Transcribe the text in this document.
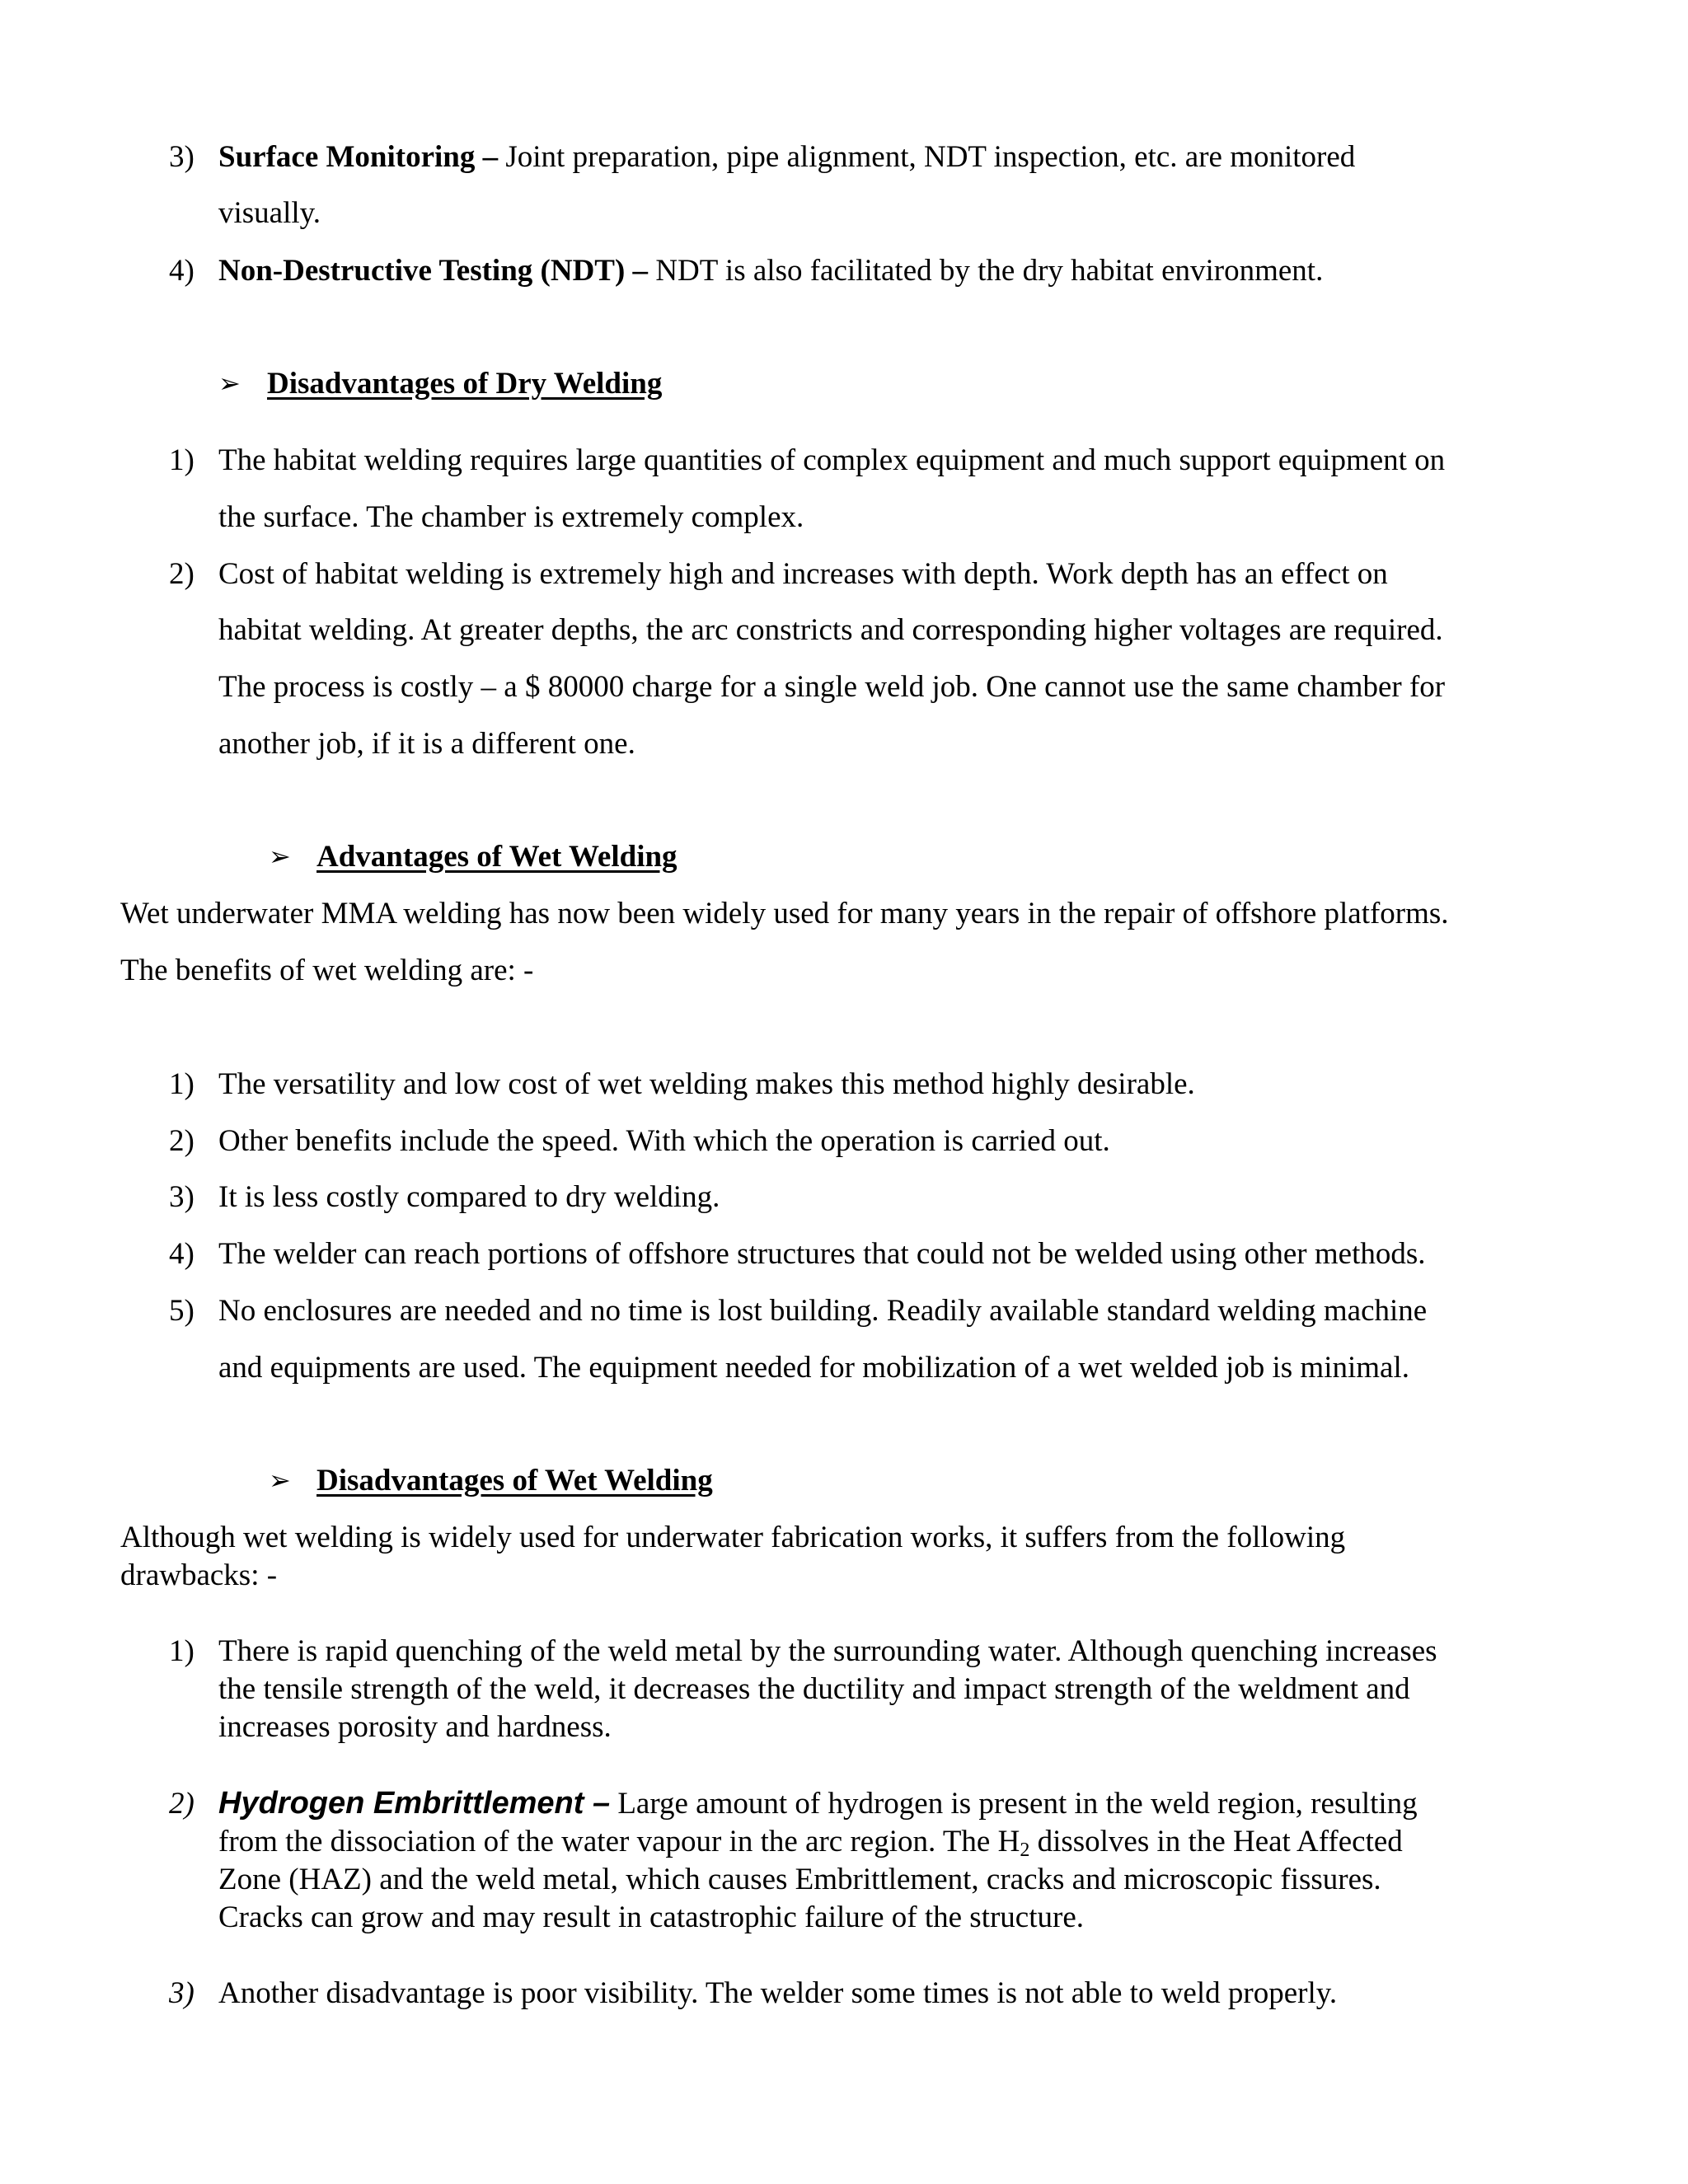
3) Surface Monitoring – Joint preparation, pipe alignment, NDT inspection, etc. are monitored
visually.
4) Non-Destructive Testing (NDT) – NDT is also facilitated by the dry habitat environment.
➢ Disadvantages of Dry Welding
1) The habitat welding requires large quantities of complex equipment and much support equipment on
the surface. The chamber is extremely complex.
2) Cost of habitat welding is extremely high and increases with depth. Work depth has an effect on
habitat welding. At greater depths, the arc constricts and corresponding higher voltages are required.
The process is costly – a $ 80000 charge for a single weld job. One cannot use the same chamber for
another job, if it is a different one.
➢ Advantages of Wet Welding
Wet underwater MMA welding has now been widely used for many years in the repair of offshore platforms.
The benefits of wet welding are: -
1) The versatility and low cost of wet welding makes this method highly desirable.
2) Other benefits include the speed. With which the operation is carried out.
3) It is less costly compared to dry welding.
4) The welder can reach portions of offshore structures that could not be welded using other methods.
5) No enclosures are needed and no time is lost building. Readily available standard welding machine
and equipments are used. The equipment needed for mobilization of a wet welded job is minimal.
➢ Disadvantages of Wet Welding
Although wet welding is widely used for underwater fabrication works, it suffers from the following
drawbacks: -
1) There is rapid quenching of the weld metal by the surrounding water. Although quenching increases
the tensile strength of the weld, it decreases the ductility and impact strength of the weldment and
increases porosity and hardness.
2) Hydrogen Embrittlement – Large amount of hydrogen is present in the weld region, resulting
from the dissociation of the water vapour in the arc region. The $H_2$ dissolves in the Heat Affected
Zone (HAZ) and the weld metal, which causes Embrittlement, cracks and microscopic fissures.
Cracks can grow and may result in catastrophic failure of the structure.
3) Another disadvantage is poor visibility. The welder some times is not able to weld properly.
